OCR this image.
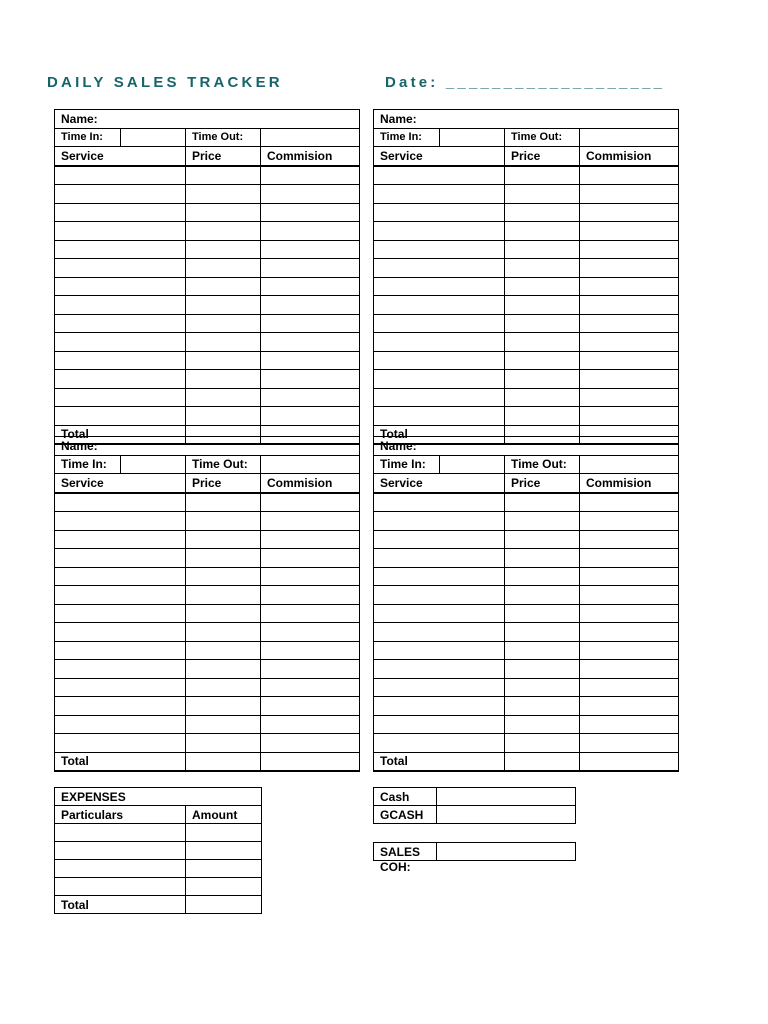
DAILY SALES TRACKER	Date: ___________________
Name:			
Time In:		Time Out:	
Service		Price	Commision

Total			
Name:			
Time In:		Time Out:	
Service		Price	Commision

Total			
Name:			
Time In:		Time Out:	
Service		Price	Commision

Total			
Name:			
Time In:		Time Out:	
Service		Price	Commision

Total			
EXPENSES	
Particulars	Amount

Total	
Cash	
GCASH	
SALES	
COH:
